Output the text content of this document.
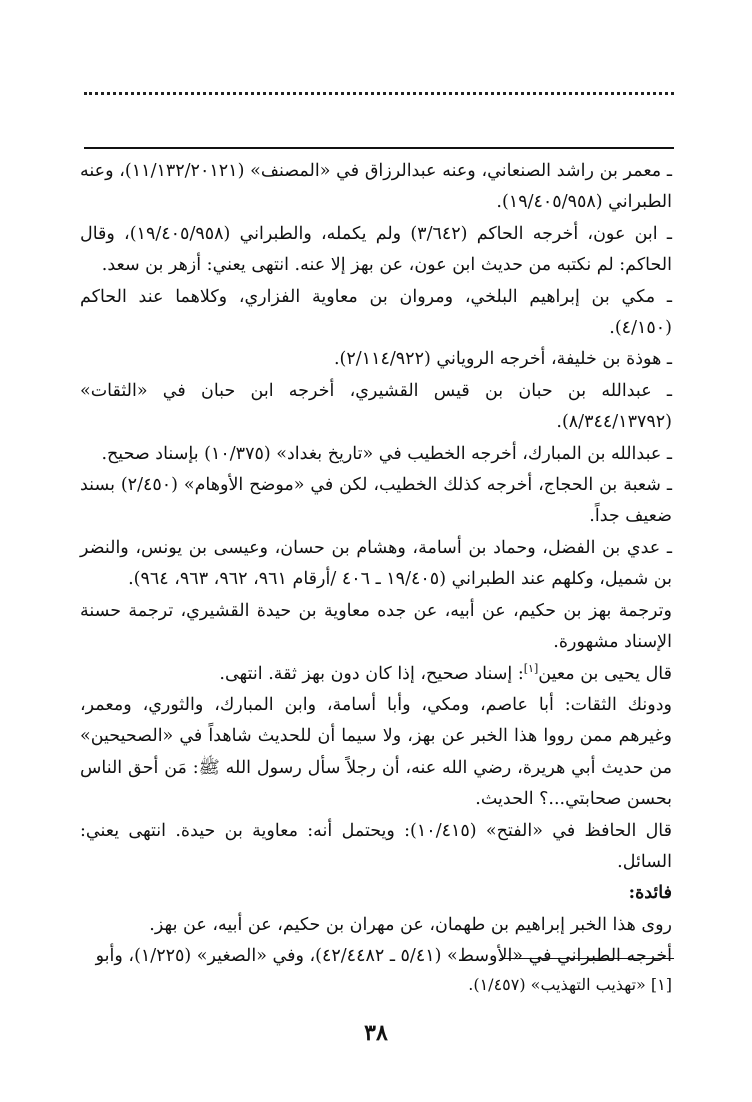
ـ معمر بن راشد الصنعاني، وعنه عبدالرزاق في «المصنف» (١١/١٣٢/٢٠١٢١)، وعنه الطبراني (١٩/٤٠٥/٩٥٨).

ـ ابن عون، أخرجه الحاكم (٣/٦٤٢) ولم يكمله، والطبراني (١٩/٤٠٥/٩٥٨)، وقال الحاكم: لم نكتبه من حديث ابن عون، عن بهز إلا عنه. انتهى يعني: أزهر بن سعد.

ـ مكي بن إبراهيم البلخي، ومروان بن معاوية الفزاري، وكلاهما عند الحاكم (٤/١٥٠).

ـ هوذة بن خليفة، أخرجه الروياني (٢/١١٤/٩٢٢).

ـ عبدالله بن حبان بن قيس القشيري، أخرجه ابن حبان في «الثقات» (٨/٣٤٤/١٣٧٩٢).

ـ عبدالله بن المبارك، أخرجه الخطيب في «تاريخ بغداد» (١٠/٣٧٥) بإسناد صحيح.

ـ شعبة بن الحجاج، أخرجه كذلك الخطيب، لكن في «موضح الأوهام» (٢/٤٥٠) بسند ضعيف جداً.

ـ عدي بن الفضل، وحماد بن أسامة، وهشام بن حسان، وعيسى بن يونس، والنضر بن شميل، وكلهم عند الطبراني (١٩/٤٠٥ ـ ٤٠٦ /أرقام ٩٦١، ٩٦٢، ٩٦٣، ٩٦٤).

وترجمة بهز بن حكيم، عن أبيه، عن جده معاوية بن حيدة القشيري، ترجمة حسنة الإسناد مشهورة.

قال يحيى بن معين[١]: إسناد صحيح، إذا كان دون بهز ثقة. انتهى.

ودونك الثقات: أبا عاصم، ومكي، وأبا أسامة، وابن المبارك، والثوري، ومعمر، وغيرهم ممن رووا هذا الخبر عن بهز، ولا سيما أن للحديث شاهداً في «الصحيحين» من حديث أبي هريرة، رضي الله عنه، أن رجلاً سأل رسول الله ﷺ: مَن أحق الناس بحسن صحابتي...؟ الحديث.

قال الحافظ في «الفتح» (١٠/٤١٥): ويحتمل أنه: معاوية بن حيدة. انتهى يعني: السائل.

فائدة:

روى هذا الخبر إبراهيم بن طهمان، عن مهران بن حكيم، عن أبيه، عن بهز.

أخرجه الطبراني في «الأوسط» (٥/٤١ ـ ٤٢/٤٤٨٢)، وفي «الصغير» (١/٢٢٥)، وأبو

[١] «تهذيب التهذيب» (١/٤٥٧).
٣٨
